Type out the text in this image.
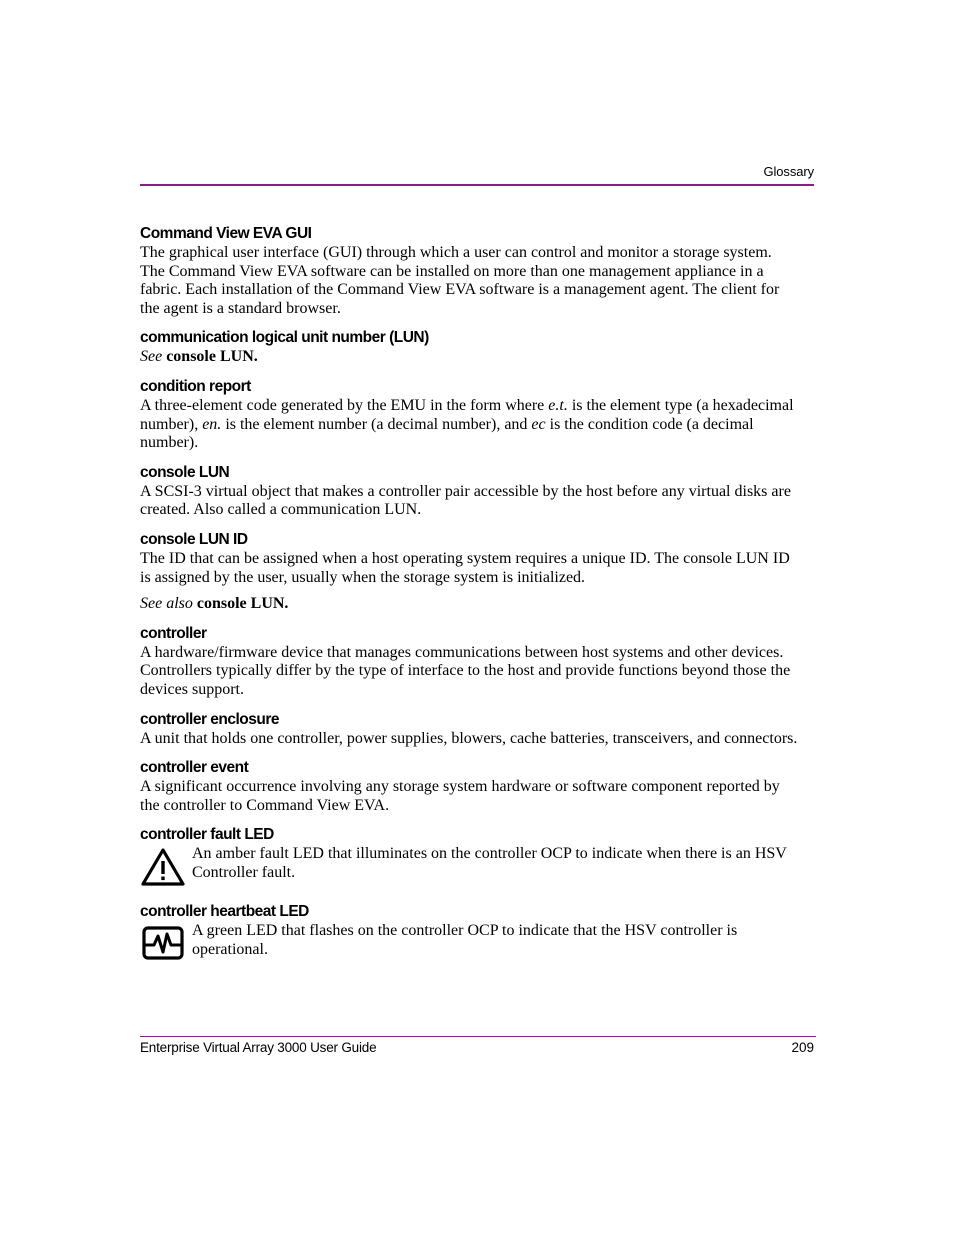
Glossary

Command View EVA GUI

The graphical user interface (GUI) through which a user can control and monitor a storage system. The Command View EVA software can be installed on more than one management appliance in a fabric. Each installation of the Command View EVA software is a management agent. The client for the agent is a standard browser.

communication logical unit number (LUN)

See console LUN.

condition report

A three-element code generated by the EMU in the form where e.t. is the element type (a hexadecimal number), en. is the element number (a decimal number), and ec is the condition code (a decimal number).

console LUN

A SCSI-3 virtual object that makes a controller pair accessible by the host before any virtual disks are created. Also called a communication LUN.

console LUN ID

The ID that can be assigned when a host operating system requires a unique ID. The console LUN ID is assigned by the user, usually when the storage system is initialized.

See also console LUN.

controller

A hardware/firmware device that manages communications between host systems and other devices. Controllers typically differ by the type of interface to the host and provide functions beyond those the devices support.

controller enclosure

A unit that holds one controller, power supplies, blowers, cache batteries, transceivers, and connectors.

controller event

A significant occurrence involving any storage system hardware or software component reported by the controller to Command View EVA.

controller fault LED

An amber fault LED that illuminates on the controller OCP to indicate when there is an HSV Controller fault.

controller heartbeat LED

A green LED that flashes on the controller OCP to indicate that the HSV controller is operational.

Enterprise Virtual Array 3000 User Guide	209
